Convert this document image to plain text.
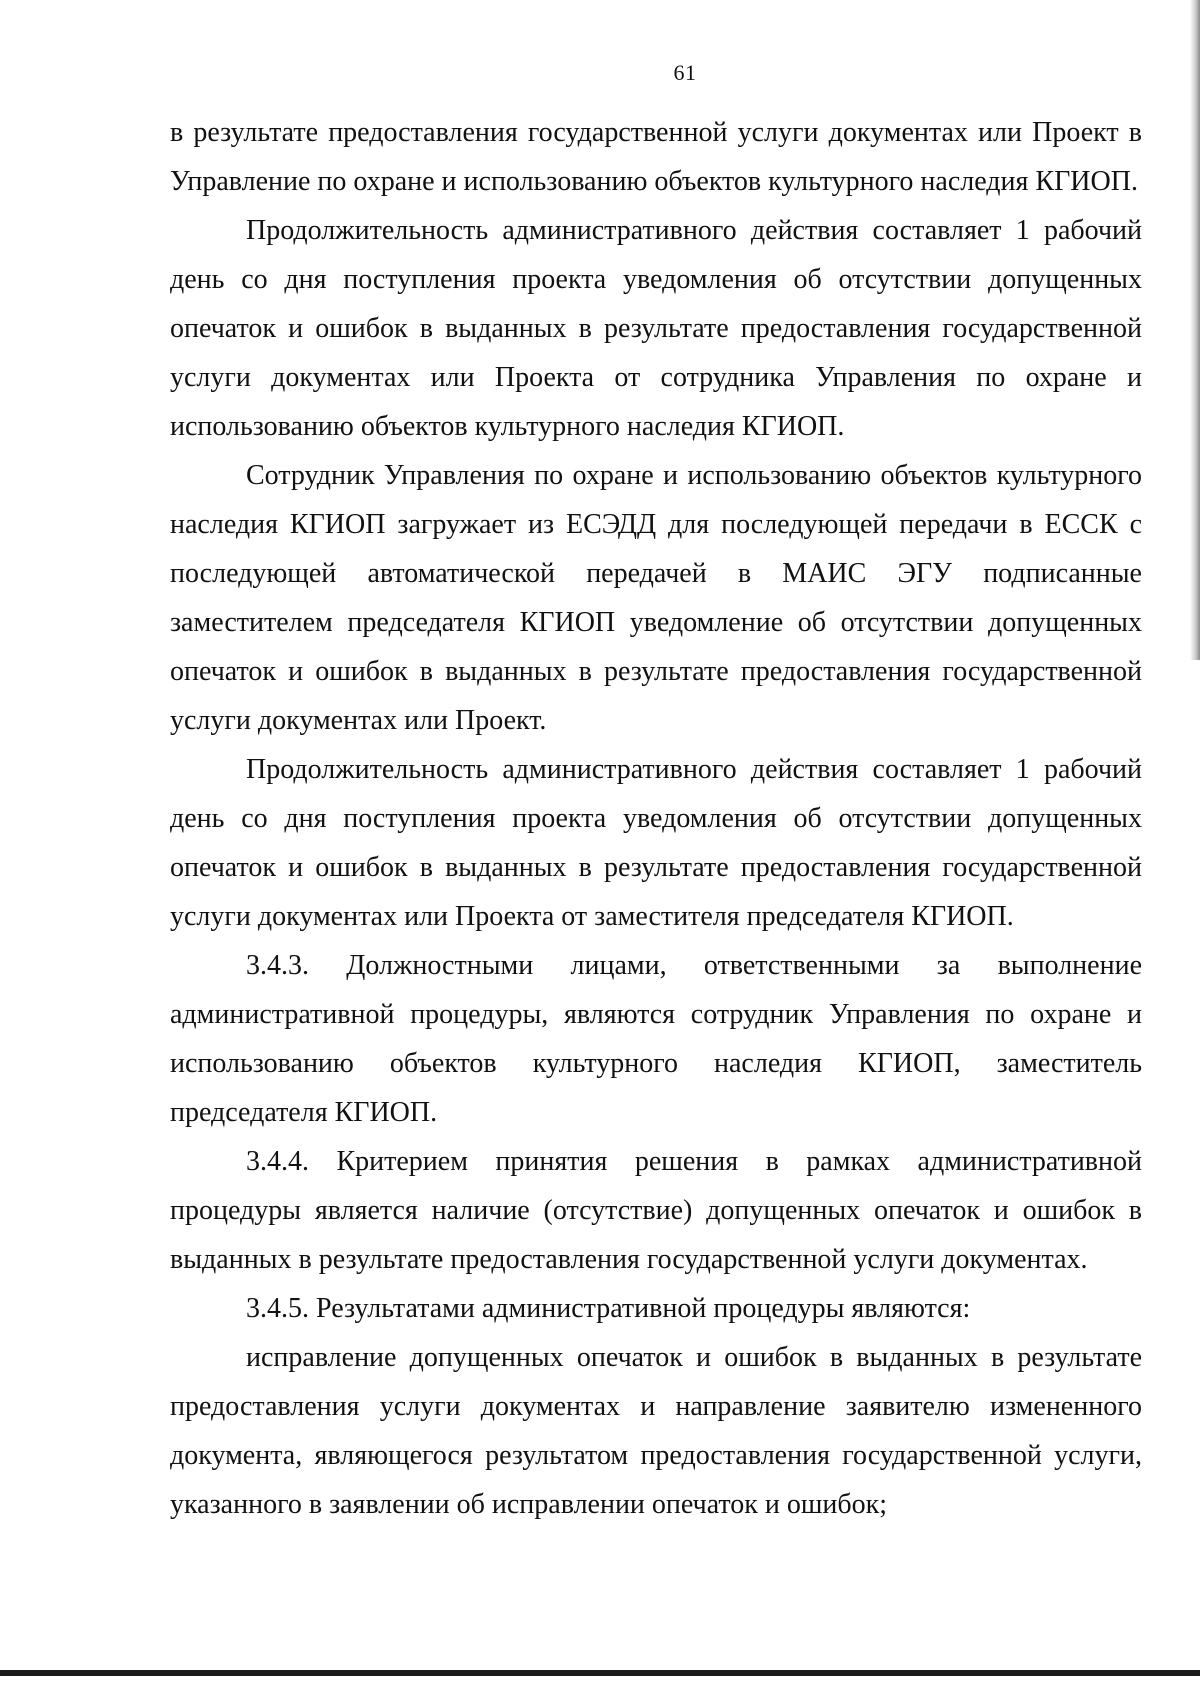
61

в результате предоставления государственной услуги документах или Проект в Управление по охране и использованию объектов культурного наследия КГИОП.

Продолжительность административного действия составляет 1 рабочий день со дня поступления проекта уведомления об отсутствии допущенных опечаток и ошибок в выданных в результате предоставления государственной услуги документах или Проекта от сотрудника Управления по охране и использованию объектов культурного наследия КГИОП.

Сотрудник Управления по охране и использованию объектов культурного наследия КГИОП загружает из ЕСЭДД для последующей передачи в ЕССК с последующей автоматической передачей в МАИС ЭГУ подписанные заместителем председателя КГИОП уведомление об отсутствии допущенных опечаток и ошибок в выданных в результате предоставления государственной услуги документах или Проект.

Продолжительность административного действия составляет 1 рабочий день со дня поступления проекта уведомления об отсутствии допущенных опечаток и ошибок в выданных в результате предоставления государственной услуги документах или Проекта от заместителя председателя КГИОП.

3.4.3. Должностными лицами, ответственными за выполнение административной процедуры, являются сотрудник Управления по охране и использованию объектов культурного наследия КГИОП, заместитель председателя КГИОП.

3.4.4. Критерием принятия решения в рамках административной процедуры является наличие (отсутствие) допущенных опечаток и ошибок в выданных в результате предоставления государственной услуги документах.

3.4.5. Результатами административной процедуры являются:

исправление допущенных опечаток и ошибок в выданных в результате предоставления услуги документах и направление заявителю измененного документа, являющегося результатом предоставления государственной услуги, указанного в заявлении об исправлении опечаток и ошибок;
